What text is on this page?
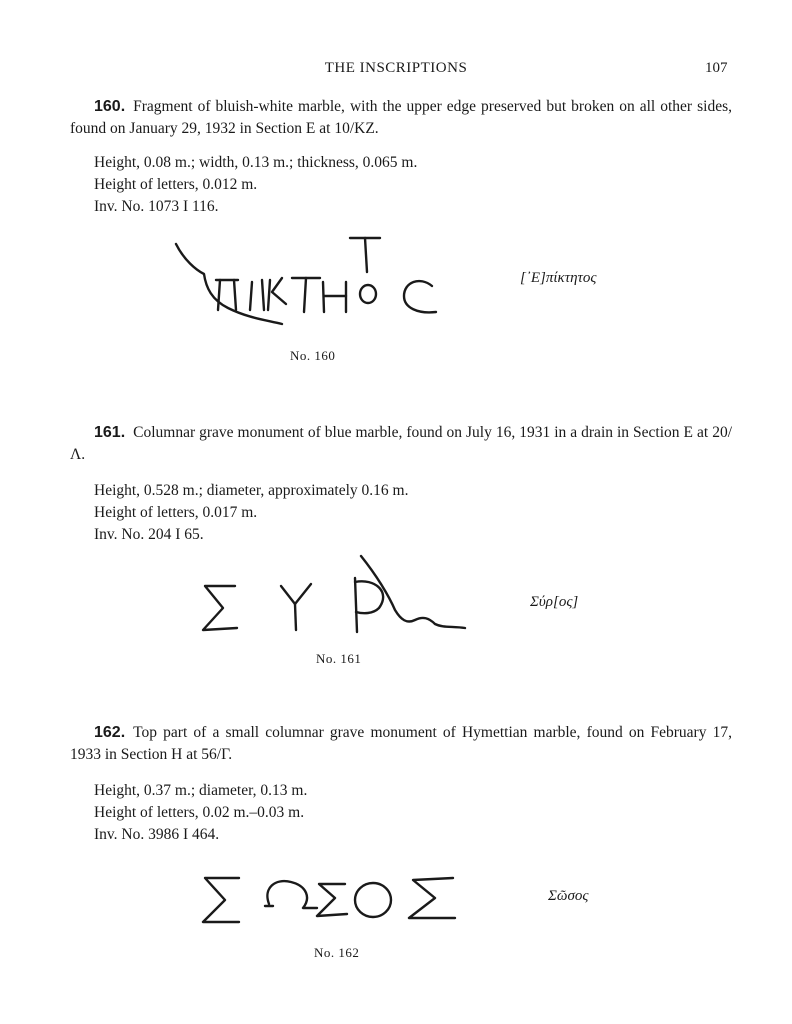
THE INSCRIPTIONS	107
160. Fragment of bluish-white marble, with the upper edge preserved but broken on all other sides, found on January 29, 1932 in Section E at 10/ΚΖ.
Height, 0.08 m.; width, 0.13 m.; thickness, 0.065 m.
Height of letters, 0.012 m.
Inv. No. 1073 I 116.
[᾿Ε]πίκτητος
No. 160
161. Columnar grave monument of blue marble, found on July 16, 1931 in a drain in Section E at 20/Λ.
Height, 0.528 m.; diameter, approximately 0.16 m.
Height of letters, 0.017 m.
Inv. No. 204 I 65.
Σύρ[ος]
No. 161
162. Top part of a small columnar grave monument of Hymettian marble, found on February 17, 1933 in Section H at 56/Γ.
Height, 0.37 m.; diameter, 0.13 m.
Height of letters, 0.02 m.–0.03 m.
Inv. No. 3986 I 464.
Σῶσος
No. 162
